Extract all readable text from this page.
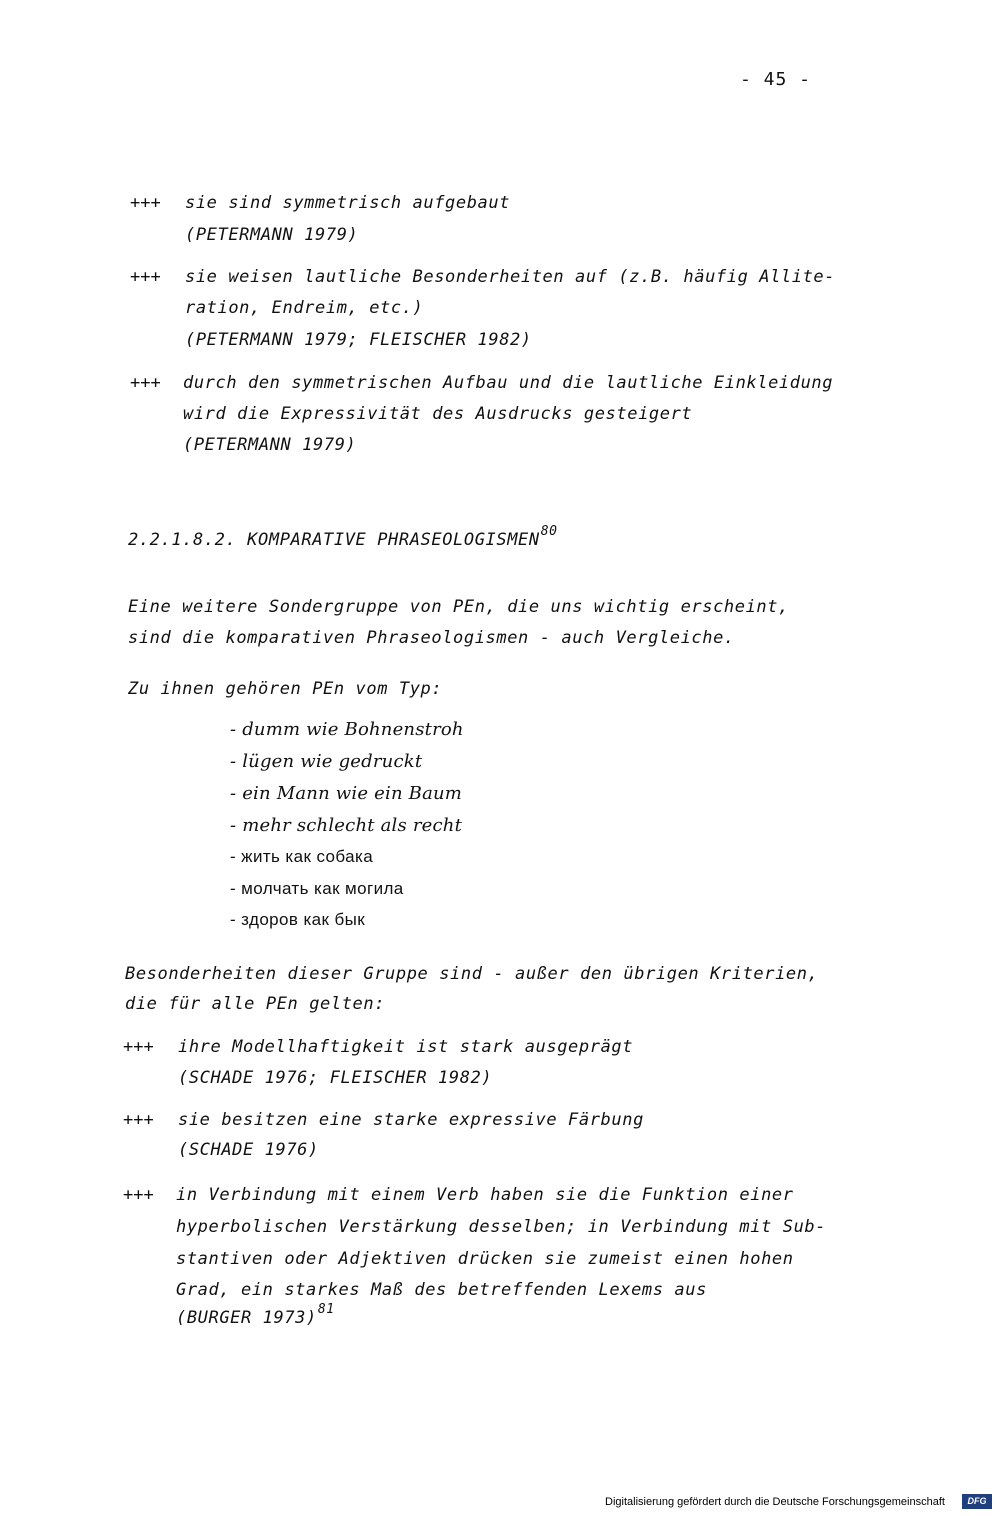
- 45 -
+++ sie sind symmetrisch aufgebaut
(PETERMANN 1979)
+++ sie weisen lautliche Besonderheiten auf (z.B. häufig Allite-
ration, Endreim, etc.)
(PETERMANN 1979; FLEISCHER 1982)
+++ durch den symmetrischen Aufbau und die lautliche Einkleidung
wird die Expressivität des Ausdrucks gesteigert
(PETERMANN 1979)
2.2.1.8.2. KOMPARATIVE PHRASEOLOGISMEN$^{80}$
Eine weitere Sondergruppe von PEn, die uns wichtig erscheint,
sind die komparativen Phraseologismen - auch Vergleiche.
Zu ihnen gehören PEn vom Typ:
- dumm wie Bohnenstroh
- lügen wie gedruckt
- ein Mann wie ein Baum
- mehr schlecht als recht
- жить как собака
- молчать как могила
- здоров как бык
Besonderheiten dieser Gruppe sind - außer den übrigen Kriterien,
die für alle PEn gelten:
+++ ihre Modellhaftigkeit ist stark ausgeprägt
(SCHADE 1976; FLEISCHER 1982)
+++ sie besitzen eine starke expressive Färbung
(SCHADE 1976)
+++ in Verbindung mit einem Verb haben sie die Funktion einer
hyperbolischen Verstärkung desselben; in Verbindung mit Sub-
stantiven oder Adjektiven drücken sie zumeist einen hohen
Grad, ein starkes Maß des betreffenden Lexems aus
(BURGER 1973)$^{81}$
Digitalisierung gefördert durch die Deutsche Forschungsgemeinschaft	DFG
